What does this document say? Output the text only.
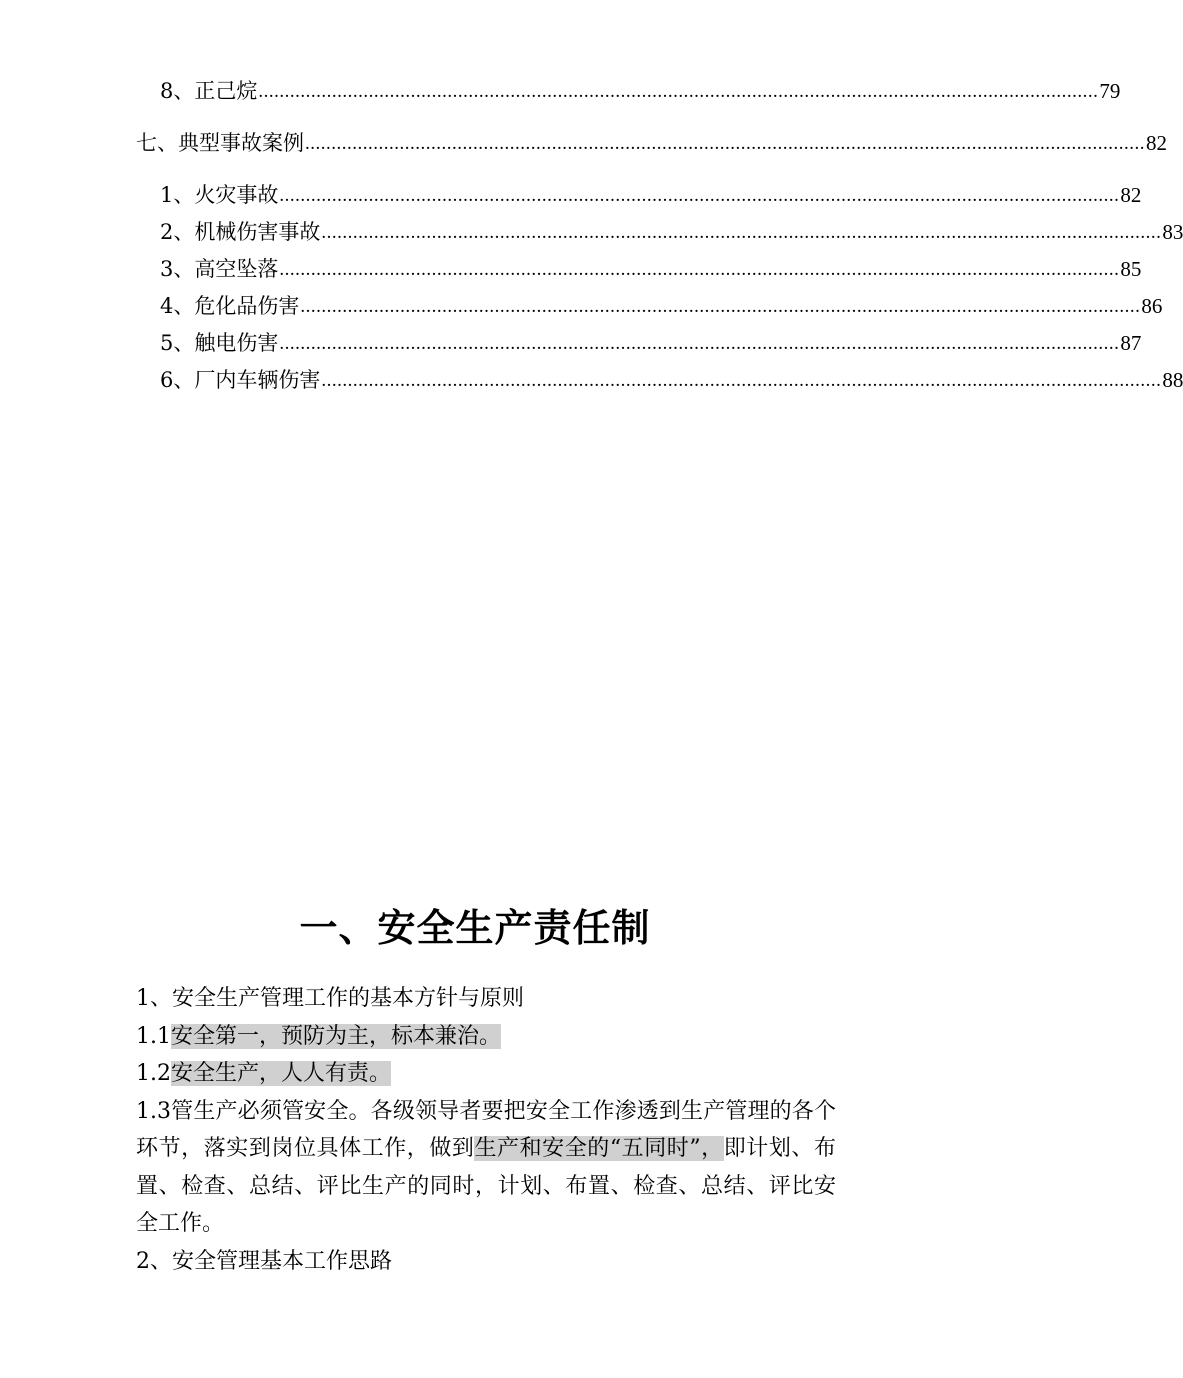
8、正己烷 ................................................................................................................................................................ 79
七、典型事故案例 ................................................................................................................................................................ 82
1、火灾事故 ................................................................................................................................................................ 82
2、机械伤害事故 ................................................................................................................................................................ 83
3、高空坠落 ................................................................................................................................................................ 85
4、危化品伤害 ................................................................................................................................................................ 86
5、触电伤害 ................................................................................................................................................................ 87
6、厂内车辆伤害 ................................................................................................................................................................ 88
一、安全生产责任制

1、安全生产管理工作的基本方针与原则

1.1安全第一，预防为主，标本兼治。

1.2安全生产，人人有责。

1.3管生产必须管安全。各级领导者要把安全工作渗透到生产管理的各个环节，落实到岗位具体工作，做到生产和安全的“五同时”，即计划、布置、检查、总结、评比生产的同时，计划、布置、检查、总结、评比安全工作。

2、安全管理基本工作思路
